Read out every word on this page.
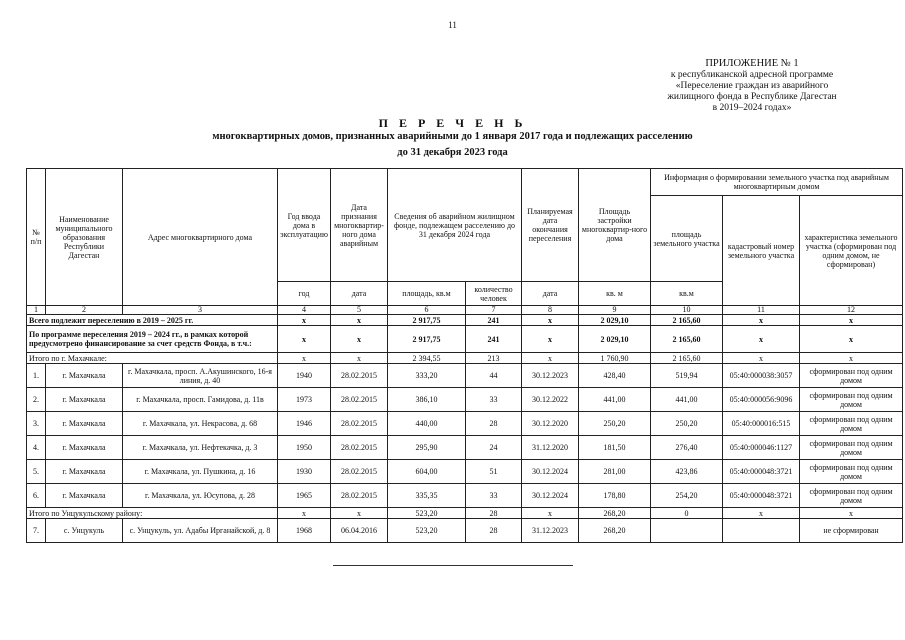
11
ПРИЛОЖЕНИЕ № 1
к республиканской адресной программе
«Переселение граждан из аварийного
жилищного фонда в Республике Дагестан
в 2019–2024 годах»
П Е Р Е Ч Е Н Ь
многоквартирных домов, признанных аварийными до 1 января 2017 года и подлежащих расселению
до 31 декабря 2023 года
№ п/п	Наименование муниципального образования Республики Дагестан	Адрес многоквартирного дома	Год ввода дома в эксплуатацию	Дата признания многоквартир-ного дома аварийным	Сведения об аварийном жилищном фонде, подлежащем расселению до 31 декабря 2024 года		Планируемая дата окончания переселения	Площадь застройки многоквартир-ного дома	Информация о формировании земельного участка под аварийным многоквартирным домом		
									площадь земельного участка	кадастровый номер земельного участка	характеристика земельного участка (сформирован под одним домом, не сформирован)
			год	дата	площадь, кв.м	количество человек	дата	кв. м	кв.м		
1	2	3	4	5	6	7	8	9	10	11	12
Всего подлежит переселению в 2019 – 2025 гг.			x	x	2 917,75	241	x	2 029,10	2 165,60	x	x
По программе переселения 2019 – 2024 гг., в рамках которой предусмотрено финансирование за счет средств Фонда, в т.ч.:			x	x	2 917,75	241	x	2 029,10	2 165,60	x	x
Итого по г. Махачкале:			x	x	2 394,55	213	x	1 760,90	2 165,60	x	x
1.	г. Махачкала	г. Махачкала, просп. А.Акушинского, 16-я линия, д. 40	1940	28.02.2015	333,20	44	30.12.2023	428,40	519,94	05:40:000038:3057	сформирован под одним домом
2.	г. Махачкала	г. Махачкала, просп. Гамидова, д. 11в	1973	28.02.2015	386,10	33	30.12.2022	441,00	441,00	05:40:000056:9096	сформирован под одним домом
3.	г. Махачкала	г. Махачкала, ул. Некрасова, д. 68	1946	28.02.2015	440,00	28	30.12.2020	250,20	250,20	05:40:000016:515	сформирован под одним домом
4.	г. Махачкала	г. Махачкала, ул. Нефтекачка, д. 3	1950	28.02.2015	295,90	24	31.12.2020	181,50	276,40	05:40:000046:1127	сформирован под одним домом
5.	г. Махачкала	г. Махачкала, ул. Пушкина, д. 16	1930	28.02.2015	604,00	51	30.12.2024	281,00	423,86	05:40:000048:3721	сформирован под одним домом
6.	г. Махачкала	г. Махачкала, ул. Юсупова, д. 28	1965	28.02.2015	335,35	33	30.12.2024	178,80	254,20	05:40:000048:3721	сформирован под одним домом
Итого по Унцукульскому району:			x	x	523,20	28	x	268,20	0	x	x
7.	с. Унцукуль	с. Унцукуль, ул. Адабы Ирганайской, д. 8	1968	06.04.2016	523,20	28	31.12.2023	268,20			не сформирован
